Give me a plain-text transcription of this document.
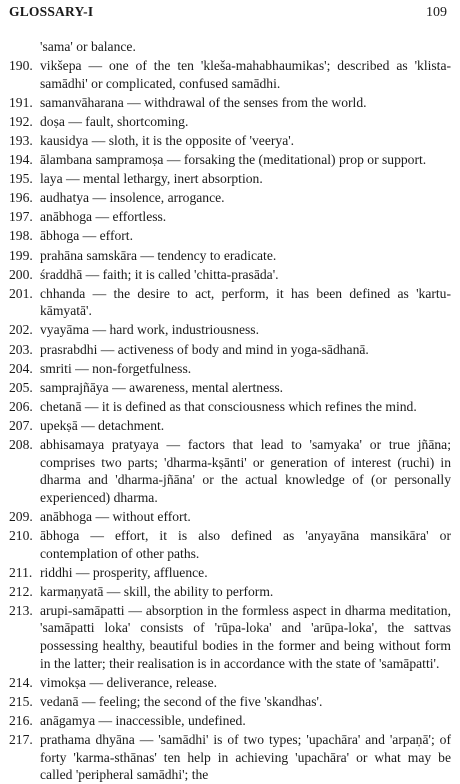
GLOSSARY-I	109
'sama' or balance.
190. vikšepa — one of the ten 'kleša-mahabhaumikas'; described as 'klista-samādhi' or complicated, confused samādhi.
191. samanvāharana — withdrawal of the senses from the world.
192. doṣa — fault, shortcoming.
193. kausidya — sloth, it is the opposite of 'veerya'.
194. ālambana sampramoṣa — forsaking the (meditational) prop or support.
195. laya — mental lethargy, inert absorption.
196. audhatya — insolence, arrogance.
197. anābhoga — effortless.
198. ābhoga — effort.
199. prahāna samskāra — tendency to eradicate.
200. śraddhā — faith; it is called 'chitta-prasāda'.
201. chhanda — the desire to act, perform, it has been defined as 'kartu-kāmyatā'.
202. vyayāma — hard work, industriousness.
203. prasrabdhi — activeness of body and mind in yoga-sādhanā.
204. smriti — non-forgetfulness.
205. samprajñāya — awareness, mental alertness.
206. chetanā — it is defined as that consciousness which refines the mind.
207. upekṣā — detachment.
208. abhisamaya pratyaya — factors that lead to 'samyaka' or true jñāna; comprises two parts; 'dharma-kṣānti' or generation of interest (ruchi) in dharma and 'dharma-jñāna' or the actual knowledge of (or personally experienced) dharma.
209. anābhoga — without effort.
210. ābhoga — effort, it is also defined as 'anyayāna mansikāra' or contemplation of other paths.
211. riddhi — prosperity, affluence.
212. karmaṇyatā — skill, the ability to perform.
213. arupi-samāpatti — absorption in the formless aspect in dharma meditation, 'samāpatti loka' consists of 'rūpa-loka' and 'arūpa-loka', the sattvas possessing healthy, beautiful bodies in the former and being without form in the latter; their realisation is in accordance with the state of 'samāpatti'.
214. vimokṣa — deliverance, release.
215. vedanā — feeling; the second of the five 'skandhas'.
216. anāgamya — inaccessible, undefined.
217. prathama dhyāna — 'samādhi' is of two types; 'upachāra' and 'arpaṇā'; of forty 'karma-sthānas' ten help in achieving 'upachāra' or what may be called 'peripheral samādhi'; the
